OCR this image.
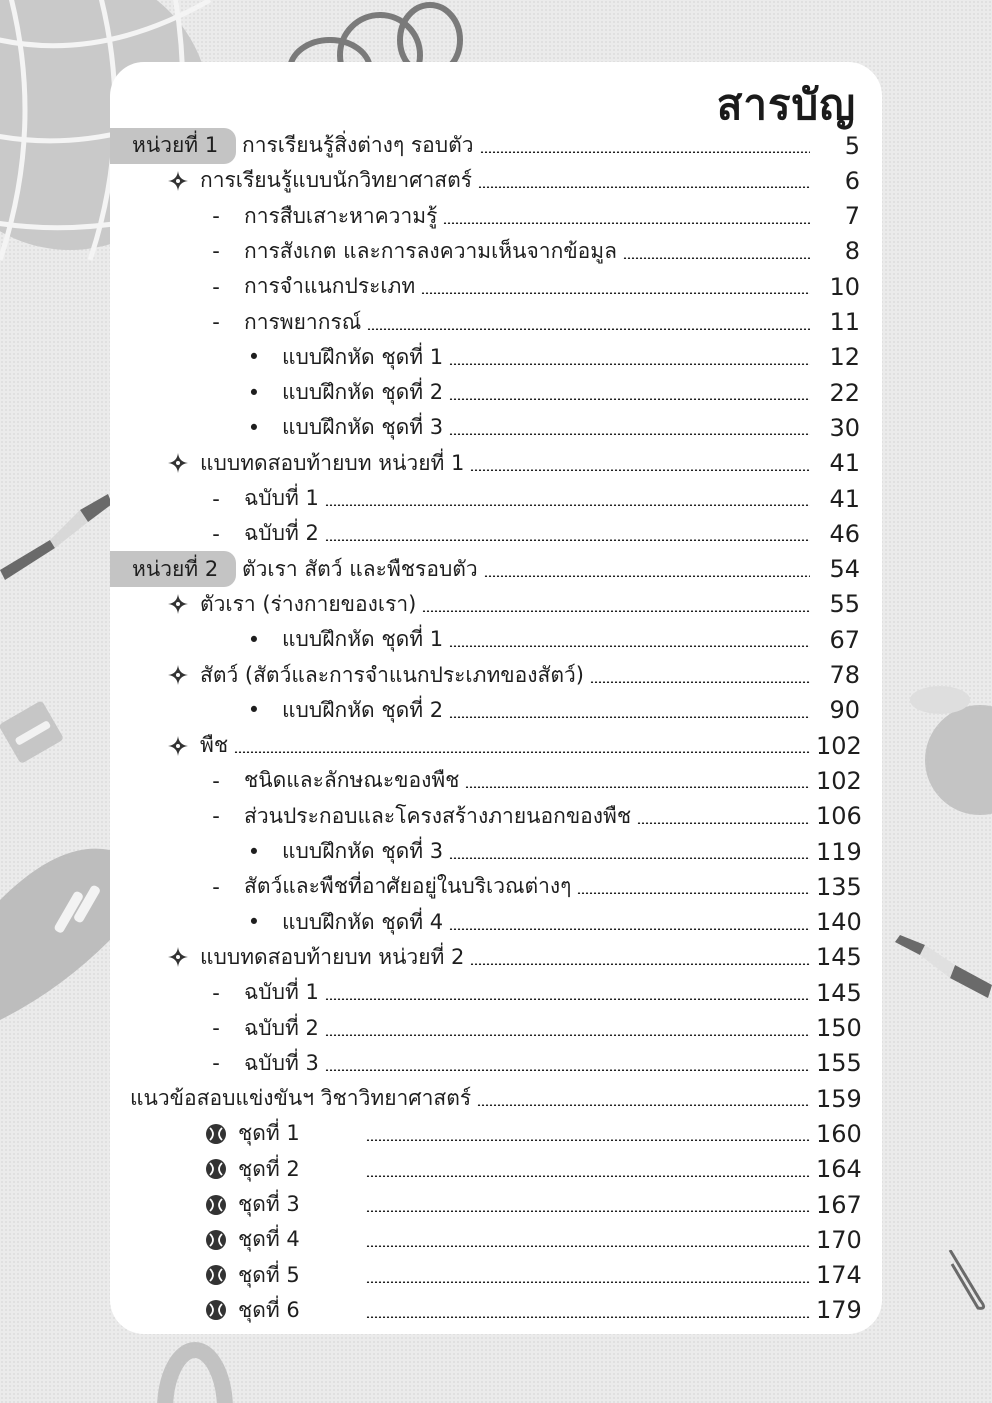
สารบัญ
หน่วยที่ 1	การเรียนรู้สิ่งต่างๆ รอบตัว	5
การเรียนรู้แบบนักวิทยาศาสตร์	6
- การสืบเสาะหาความรู้	7
- การสังเกต และการลงความเห็นจากข้อมูล	8
- การจำแนกประเภท	10
- การพยากรณ์	11
• แบบฝึกหัด ชุดที่ 1	12
• แบบฝึกหัด ชุดที่ 2	22
• แบบฝึกหัด ชุดที่ 3	30
แบบทดสอบท้ายบท หน่วยที่ 1	41
- ฉบับที่ 1	41
- ฉบับที่ 2	46
หน่วยที่ 2	ตัวเรา สัตว์ และพืชรอบตัว	54
ตัวเรา (ร่างกายของเรา)	55
• แบบฝึกหัด ชุดที่ 1	67
สัตว์ (สัตว์และการจำแนกประเภทของสัตว์)	78
• แบบฝึกหัด ชุดที่ 2	90
พืช	102
- ชนิดและลักษณะของพืช	102
- ส่วนประกอบและโครงสร้างภายนอกของพืช	106
• แบบฝึกหัด ชุดที่ 3	119
- สัตว์และพืชที่อาศัยอยู่ในบริเวณต่างๆ	135
• แบบฝึกหัด ชุดที่ 4	140
แบบทดสอบท้ายบท หน่วยที่ 2	145
- ฉบับที่ 1	145
- ฉบับที่ 2	150
- ฉบับที่ 3	155
แนวข้อสอบแข่งขันฯ วิชาวิทยาศาสตร์	159
ชุดที่ 1	160
ชุดที่ 2	164
ชุดที่ 3	167
ชุดที่ 4	170
ชุดที่ 5	174
ชุดที่ 6	179
